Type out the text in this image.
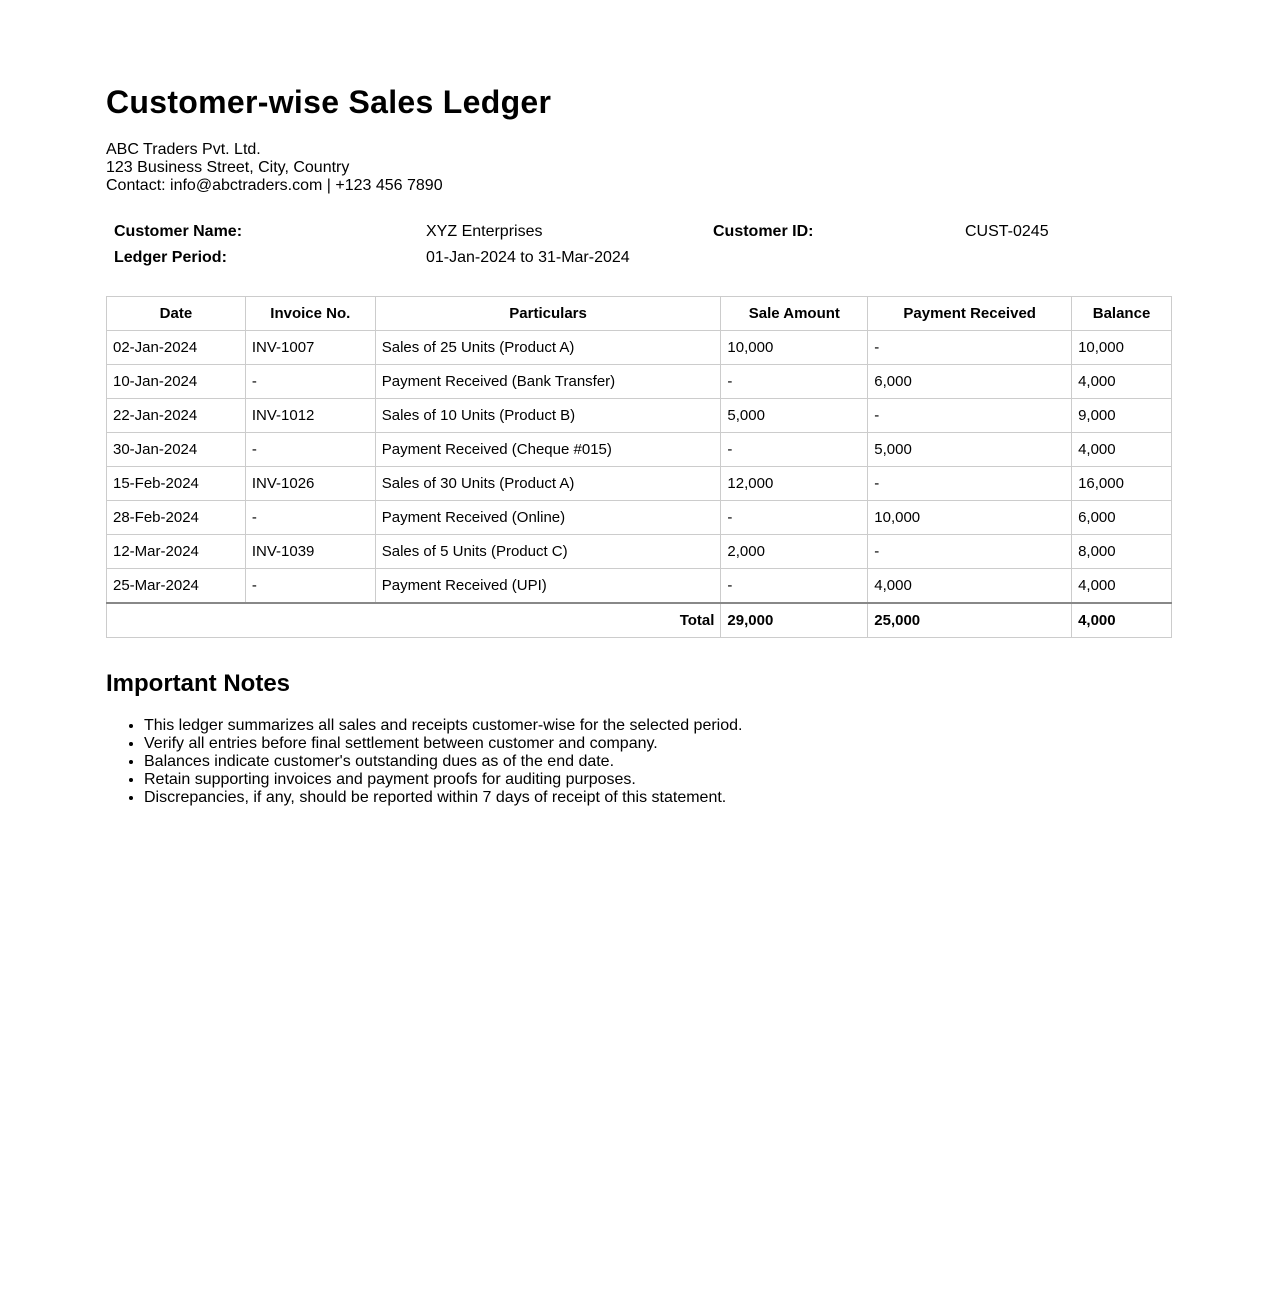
Customer-wise Sales Ledger
ABC Traders Pvt. Ltd.
123 Business Street, City, Country
Contact: info@abctraders.com | +123 456 7890
Customer Name:	XYZ Enterprises	Customer ID:	CUST-0245
Ledger Period:	01-Jan-2024 to 31-Mar-2024		
Date	Invoice No.	Particulars	Sale Amount	Payment Received	Balance
02-Jan-2024	INV-1007	Sales of 25 Units (Product A)	10,000	-	10,000
10-Jan-2024	-	Payment Received (Bank Transfer)	-	6,000	4,000
22-Jan-2024	INV-1012	Sales of 10 Units (Product B)	5,000	-	9,000
30-Jan-2024	-	Payment Received (Cheque #015)	-	5,000	4,000
15-Feb-2024	INV-1026	Sales of 30 Units (Product A)	12,000	-	16,000
28-Feb-2024	-	Payment Received (Online)	-	10,000	6,000
12-Mar-2024	INV-1039	Sales of 5 Units (Product C)	2,000	-	8,000
25-Mar-2024	-	Payment Received (UPI)	-	4,000	4,000
Total			29,000	25,000	4,000
Important Notes
• This ledger summarizes all sales and receipts customer-wise for the selected period.
• Verify all entries before final settlement between customer and company.
• Balances indicate customer's outstanding dues as of the end date.
• Retain supporting invoices and payment proofs for auditing purposes.
• Discrepancies, if any, should be reported within 7 days of receipt of this statement.
